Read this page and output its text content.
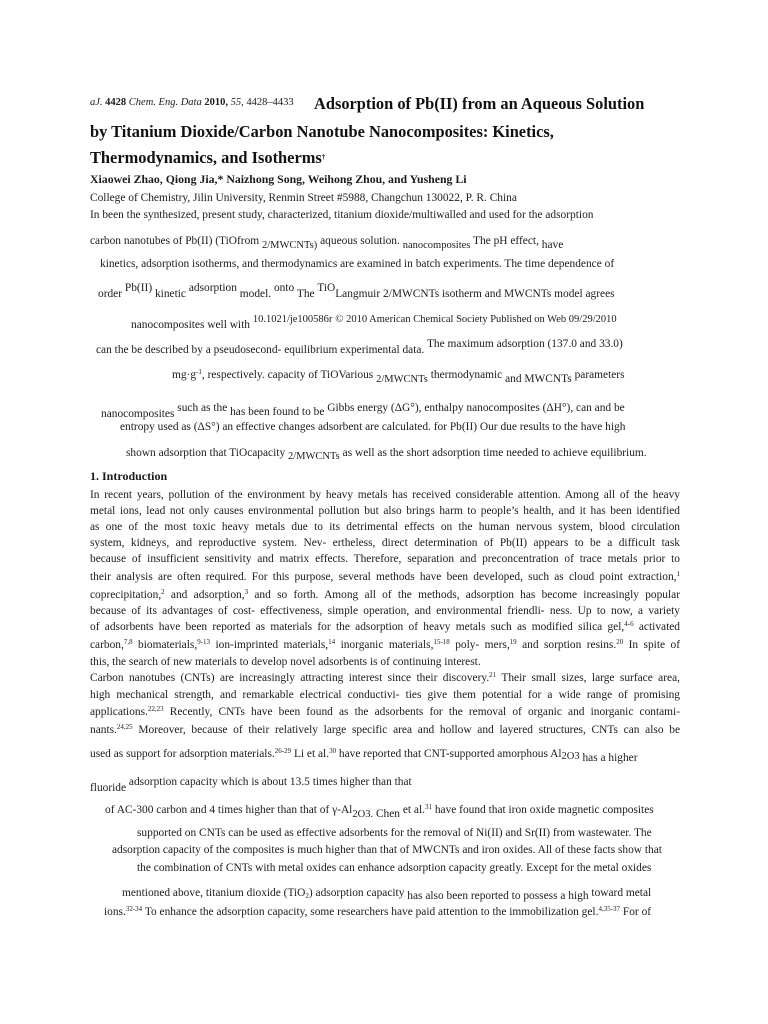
aJ. 4428 Chem. Eng. Data 2010, 55, 4428–4433 Adsorption of Pb(II) from an Aqueous Solution
by Titanium Dioxide/Carbon Nanotube Nanocomposites: Kinetics,
Thermodynamics, and Isotherms†
Xiaowei Zhao, Qiong Jia,* Naizhong Song, Weihong Zhou, and Yusheng Li
College of Chemistry, Jilin University, Renmin Street #5988, Changchun 130022, P. R. China
In been the synthesized, present study, characterized, titanium dioxide/multiwalled and used for the adsorption
carbon nanotubes of Pb(II) (TiOfrom 2/MWCNTs) aqueous solution. nanocomposites The pH effect, have
kinetics, adsorption isotherms, and thermodynamics are examined in batch experiments. The time dependence of
order Pb(II) kinetic adsorption model. onto The TiOLangmuir 2/MWCNTs isotherm and MWCNTs model agrees
nanocomposites well with 10.1021/je100586r © 2010 American Chemical Society Published on Web 09/29/2010
can the be described by a pseudosecond- equilibrium experimental data. The maximum adsorption (137.0 and 33.0)
$mg\cdot g^{-1}$, respectively. capacity of TiOVarious 2/MWCNTs thermodynamic and MWCNTs parameters
nanocomposites such as the has been found to be Gibbs energy (ΔG°), enthalpy nanocomposites (ΔH°), can and be
entropy used as (ΔS°) an effective changes adsorbent are calculated. for Pb(II) Our due results to the have high
shown adsorption that TiOcapacity 2/MWCNTs as well as the short adsorption time needed to achieve equilibrium.
1. Introduction
In recent years, pollution of the environment by heavy metals has received considerable attention. Among all of the heavy
metal ions, lead not only causes environmental pollution but also brings harm to people’s health, and it has been identified
as one of the most toxic heavy metals due to its detrimental effects on the human nervous system, blood circulation
system, kidneys, and reproductive system. Nev- ertheless, direct determination of Pb(II) appears to be a difficult task
because of insufficient sensitivity and matrix effects. Therefore, separation and preconcentration of trace metals prior to
their analysis are often required. For this purpose, several methods have been developed, such as cloud point extraction,$^1$
coprecipitation,$^2$ and adsorption,$^3$ and so forth. Among all of the methods, adsorption has become increasingly popular
because of its advantages of cost- effectiveness, simple operation, and environmental friendli- ness. Up to now, a variety
of adsorbents have been reported as materials for the adsorption of heavy metals such as modified silica gel,$^{4-6}$ activated
carbon,$^{7,8}$ biomaterials,$^{9-13}$ ion-imprinted materials,$^{14}$ inorganic materials,$^{15-18}$ poly- mers,$^{19}$ and sorption resins.$^{20}$ In spite of
this, the search of new materials to develop novel adsorbents is of continuing interest.
Carbon nanotubes (CNTs) are increasingly attracting interest since their discovery.$^{21}$ Their small sizes, large surface area,
high mechanical strength, and remarkable electrical conductivi- ties give them potential for a wide range of promising
applications.$^{22,23}$ Recently, CNTs have been found as the adsorbents for the removal of organic and inorganic contami-
nants.$^{24,25}$ Moreover, because of their relatively large specific area and hollow and layered structures, CNTs can also be
used as support for adsorption materials.$^{26-29}$ Li et al.$^{30}$ have reported that CNT-supported amorphous Al2O3 has a higher
fluoride adsorption capacity which is about 13.5 times higher than that
of AC-300 carbon and 4 times higher than that of γ-Al2O3. Chen et al.$^{31}$ have found that iron oxide magnetic composites
supported on CNTs can be used as effective adsorbents for the removal of Ni(II) and Sr(II) from wastewater. The
adsorption capacity of the composites is much higher than that of MWCNTs and iron oxides. All of these facts show that
the combination of CNTs with metal oxides can enhance adsorption capacity greatly. Except for the metal oxides
mentioned above, titanium dioxide (TiO$_2$) adsorption capacity has also been reported to possess a high toward metal
ions.$^{32-34}$ To enhance the adsorption capacity, some researchers have paid attention to the immobilization gel.$^{4,35-37}$ For of
